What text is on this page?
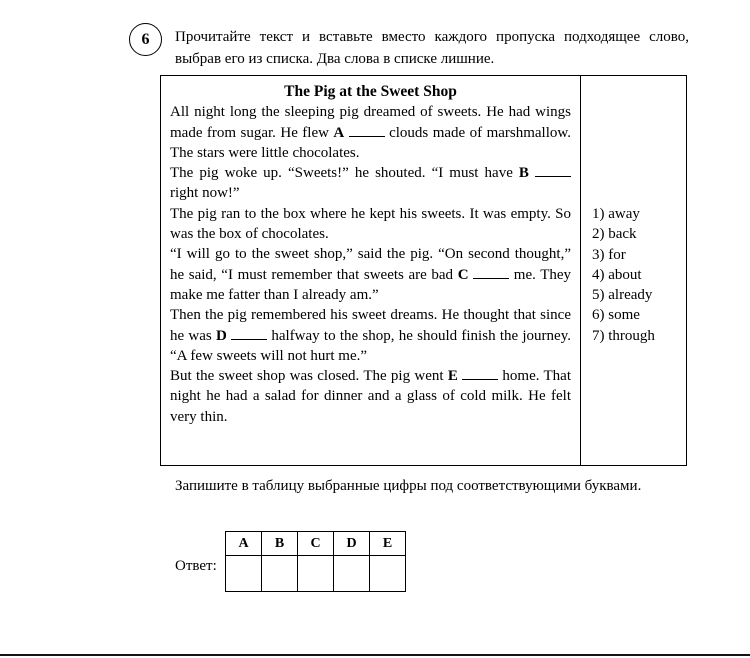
6 Прочитайте текст и вставьте вместо каждого пропуска подходящее слово, выбрав его из списка. Два слова в списке лишние.
The Pig at the Sweet Shop

All night long the sleeping pig dreamed of sweets. He had wings made from sugar. He flew A	clouds made of marshmallow. The stars were little chocolates.

The pig woke up. “Sweets!” he shouted. “I must have B  right now!”

The pig ran to the box where he kept his sweets. It was empty. So was the box of chocolates.

“I will go to the sweet shop,” said the pig. “On second thought,” he said, “I must remember that sweets are bad C	me. They make me fatter than I already am.”

Then the pig remembered his sweet dreams. He thought that since he was D	halfway to the shop, he should finish the journey. “A few sweets will not hurt me.”

But the sweet shop was closed. The pig went E	home. That night he had a salad for dinner and a glass of cold milk. He felt very thin.

1) away
2) back
3) for
4) about
5) already
6) some
7) through
Запишите в таблицу выбранные цифры под соответствующими буквами.
Ответ:
A	B	C	D	E
